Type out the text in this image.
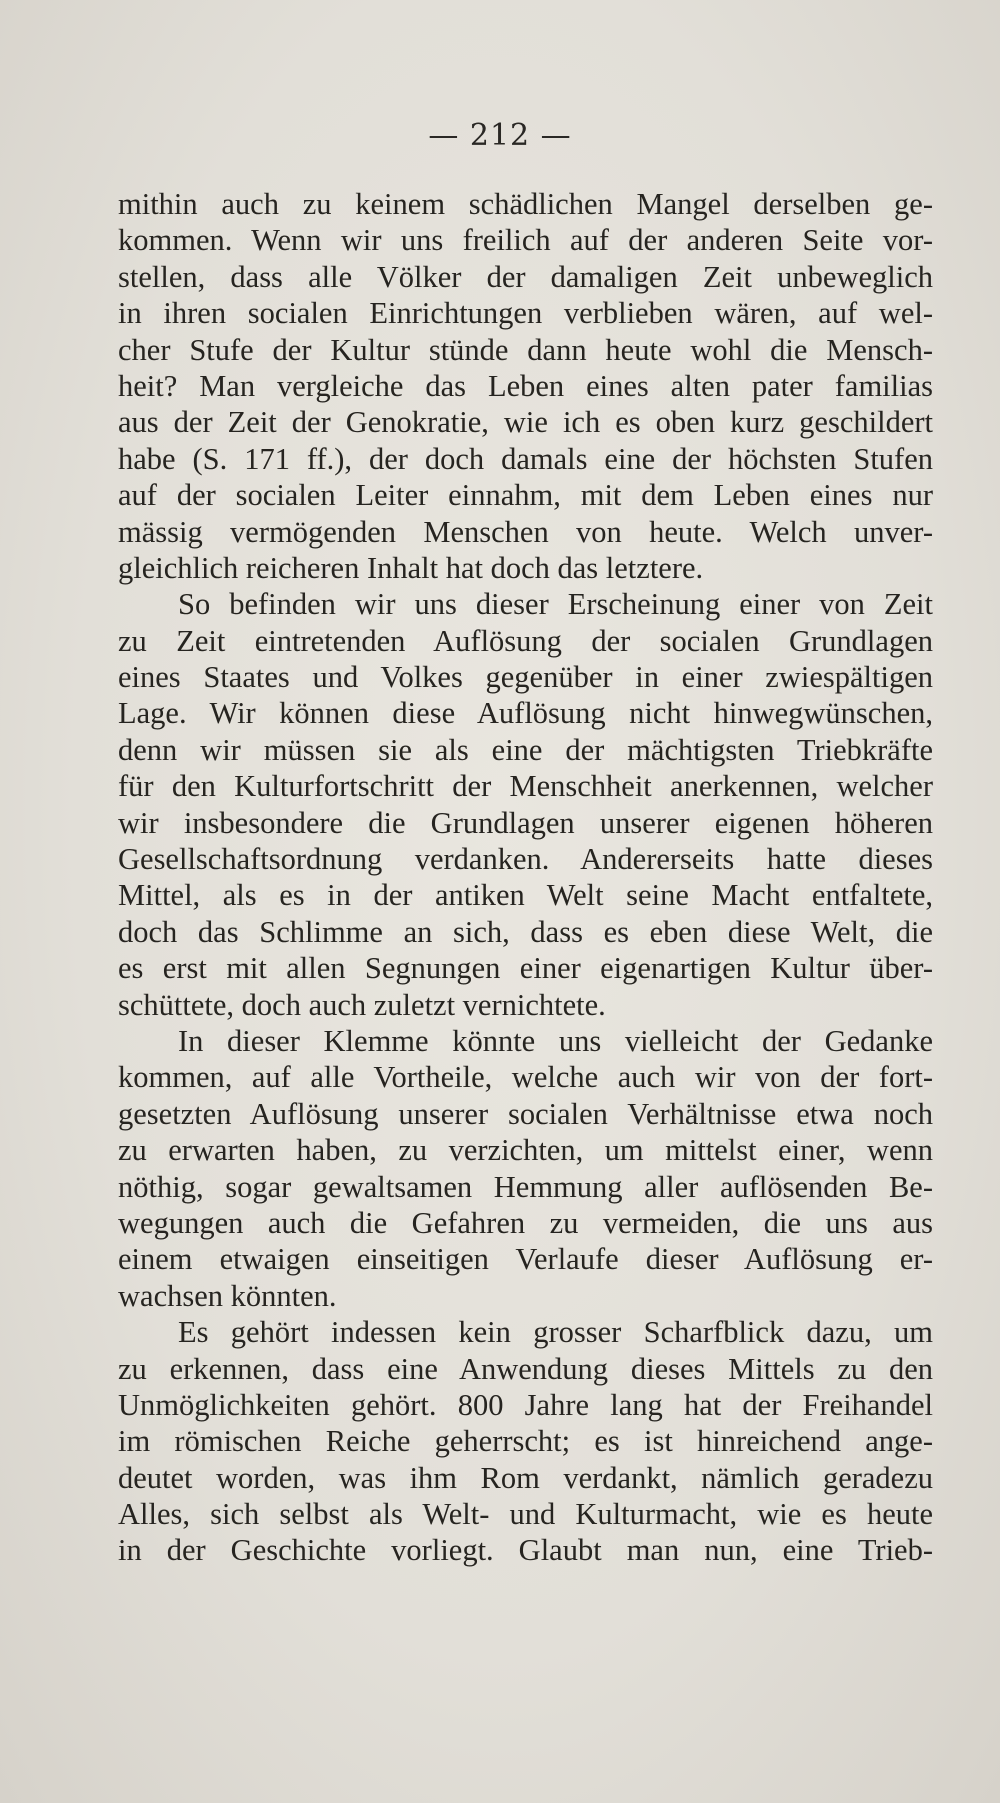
— 212 —
mithin auch zu keinem schädlichen Mangel derselben ge-
kommen. Wenn wir uns freilich auf der anderen Seite vor-
stellen, dass alle Völker der damaligen Zeit unbeweglich
in ihren socialen Einrichtungen verblieben wären, auf wel-
cher Stufe der Kultur stünde dann heute wohl die Mensch-
heit? Man vergleiche das Leben eines alten pater familias
aus der Zeit der Genokratie, wie ich es oben kurz geschildert
habe (S. 171 ff.), der doch damals eine der höchsten Stufen
auf der socialen Leiter einnahm, mit dem Leben eines nur
mässig vermögenden Menschen von heute. Welch unver-
gleichlich reicheren Inhalt hat doch das letztere.
So befinden wir uns dieser Erscheinung einer von Zeit
zu Zeit eintretenden Auflösung der socialen Grundlagen
eines Staates und Volkes gegenüber in einer zwiespältigen
Lage. Wir können diese Auflösung nicht hinwegwünschen,
denn wir müssen sie als eine der mächtigsten Triebkräfte
für den Kulturfortschritt der Menschheit anerkennen, welcher
wir insbesondere die Grundlagen unserer eigenen höheren
Gesellschaftsordnung verdanken. Andererseits hatte dieses
Mittel, als es in der antiken Welt seine Macht entfaltete,
doch das Schlimme an sich, dass es eben diese Welt, die
es erst mit allen Segnungen einer eigenartigen Kultur über-
schüttete, doch auch zuletzt vernichtete.
In dieser Klemme könnte uns vielleicht der Gedanke
kommen, auf alle Vortheile, welche auch wir von der fort-
gesetzten Auflösung unserer socialen Verhältnisse etwa noch
zu erwarten haben, zu verzichten, um mittelst einer, wenn
nöthig, sogar gewaltsamen Hemmung aller auflösenden Be-
wegungen auch die Gefahren zu vermeiden, die uns aus
einem etwaigen einseitigen Verlaufe dieser Auflösung er-
wachsen könnten.
Es gehört indessen kein grosser Scharfblick dazu, um
zu erkennen, dass eine Anwendung dieses Mittels zu den
Unmöglichkeiten gehört. 800 Jahre lang hat der Freihandel
im römischen Reiche geherrscht; es ist hinreichend ange-
deutet worden, was ihm Rom verdankt, nämlich geradezu
Alles, sich selbst als Welt- und Kulturmacht, wie es heute
in der Geschichte vorliegt. Glaubt man nun, eine Trieb-
